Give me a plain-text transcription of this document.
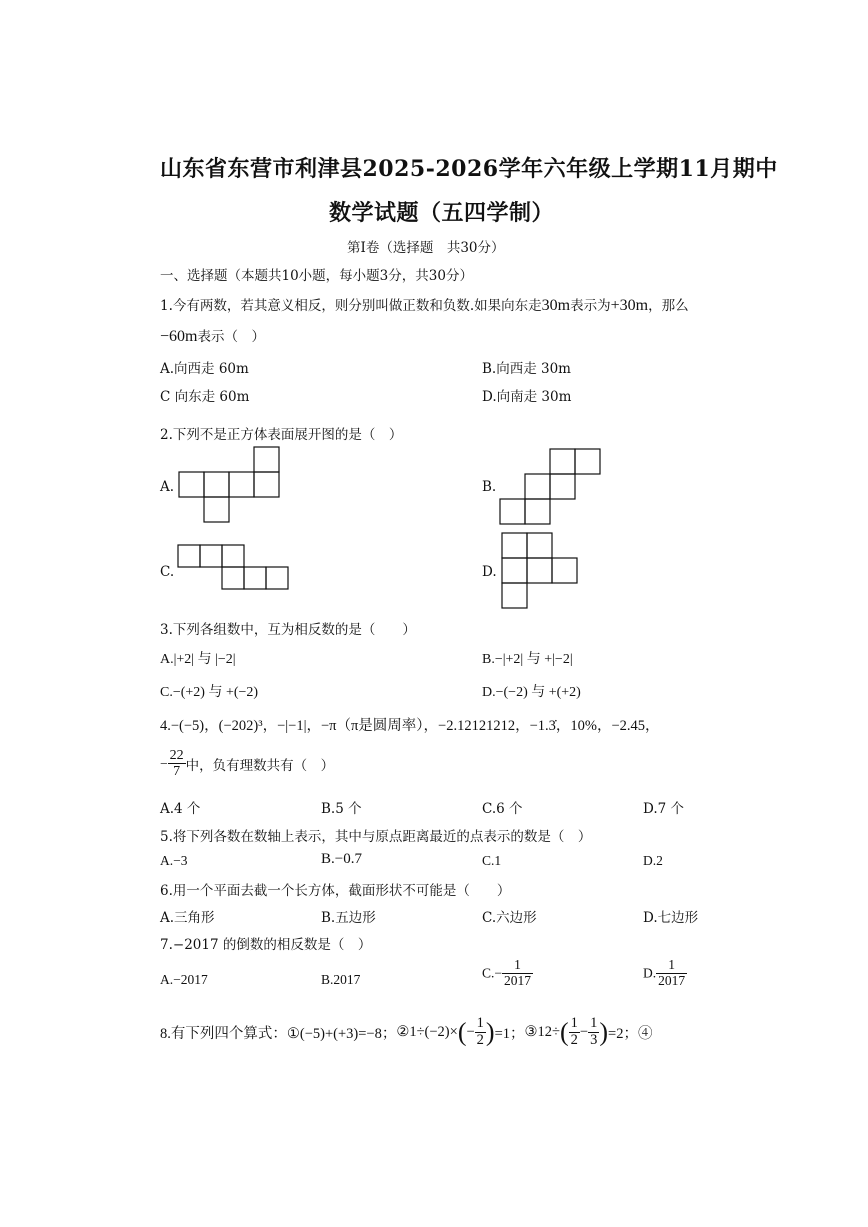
山东省东营市利津县2025-2026学年六年级上学期11月期中
数学试题（五四学制）
第Ⅰ卷（选择题　共30分）
一、选择题（本题共10小题，每小题3分，共30分）
1.今有两数，若其意义相反，则分别叫做正数和负数.如果向东走30m表示为+30m，那么
−60m表示（　）
A.向西走 60m	B.向西走 30m
C 向东走 60m	D.向南走 30m
2.下列不是正方体表面展开图的是（　）
A.	B.
C.	D.
3.下列各组数中，互为相反数的是（　　）
A.|+2| 与 |−2|	B.−|+2| 与 +|−2|
C.−(+2) 与 +(−2)	D.−(−2) 与 +(+2)
4.−(−5)，(−202)³，−|−1|，−π（π是圆周率），−2.12121212，−1.3̇，10%，−2.45，
− $\frac{22}{7}$ 中，负有理数共有（　）
A.4 个	B.5 个	C.6 个	D.7 个
5.将下列各数在数轴上表示，其中与原点距离最近的点表示的数是（　）
A.−3	B.−0.7	C.1	D.2
6.用一个平面去截一个长方体，截面形状不可能是（　　）
A.三角形	B.五边形	C.六边形	D.七边形
7.−2017 的倒数的相反数是（　）
A.−2017	B.2017	$C.- \frac{1}{2017}$	D. $\frac{1}{2017}$
8.有下列四个算式：①(−5)+(+3)=−8；②1÷(−2)×(− $\frac{1}{2} )=1$；③12÷( $\frac{1}{2} - \frac{1}{3} )=2$；④
